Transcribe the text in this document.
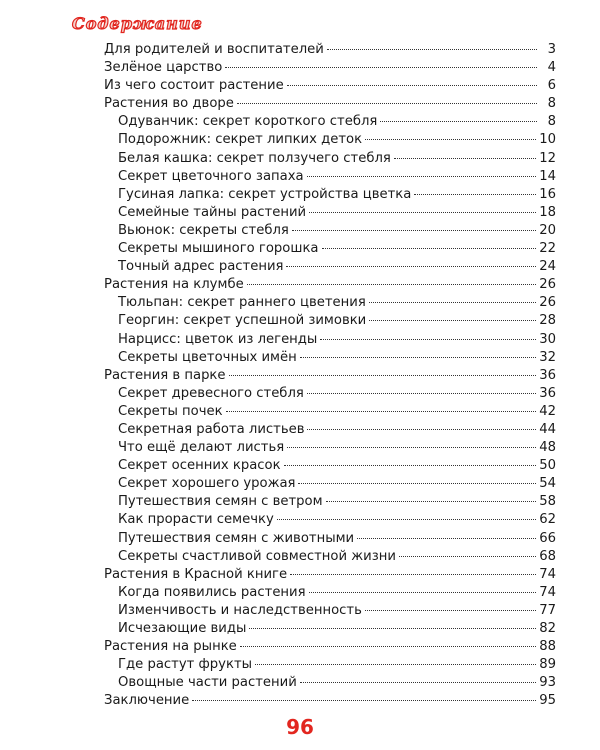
Содержание
Для родителей и воспитателей	3
Зелёное царство	4
Из чего состоит растение	6
Растения во дворе	8
Одуванчик: секрет короткого стебля	8
Подорожник: секрет липких деток	10
Белая кашка: секрет ползучего стебля	12
Секрет цветочного запаха	14
Гусиная лапка: секрет устройства цветка	16
Семейные тайны растений	18
Вьюнок: секреты стебля	20
Секреты мышиного горошка	22
Точный адрес растения	24
Растения на клумбе	26
Тюльпан: секрет раннего цветения	26
Георгин: секрет успешной зимовки	28
Нарцисс: цветок из легенды	30
Секреты цветочных имён	32
Растения в парке	36
Секрет древесного стебля	36
Секреты почек	42
Секретная работа листьев	44
Что ещё делают листья	48
Секрет осенних красок	50
Секрет хорошего урожая	54
Путешествия семян с ветром	58
Как прорасти семечку	62
Путешествия семян с животными	66
Секреты счастливой совместной жизни	68
Растения в Красной книге	74
Когда появились растения	74
Изменчивость и наследственность	77
Исчезающие виды	82
Растения на рынке	88
Где растут фрукты	89
Овощные части растений	93
Заключение	95
96
